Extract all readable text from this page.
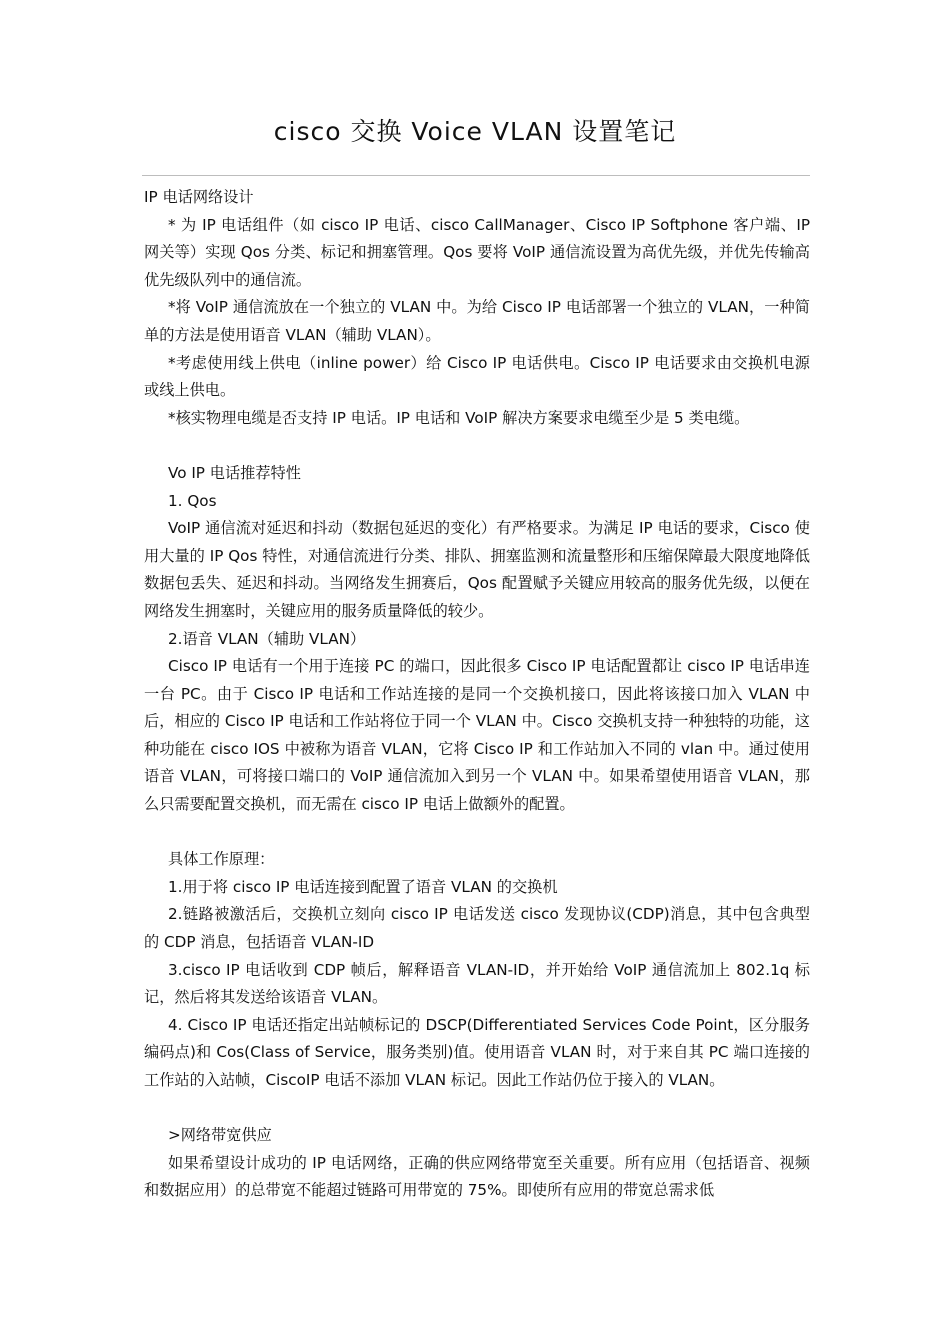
cisco 交换 Voice VLAN 设置笔记

IP 电话网络设计

* 为 IP 电话组件（如 cisco IP 电话、cisco CallManager、Cisco IP Softphone 客户端、IP 网关等）实现 Qos 分类、标记和拥塞管理。Qos 要将 VoIP 通信流设置为高优先级，并优先传输高优先级队列中的通信流。

*将 VoIP 通信流放在一个独立的 VLAN 中。为给 Cisco IP 电话部署一个独立的 VLAN，一种简单的方法是使用语音 VLAN（辅助 VLAN）。

*考虑使用线上供电（inline power）给 Cisco IP 电话供电。Cisco IP 电话要求由交换机电源或线上供电。

*核实物理电缆是否支持 IP 电话。IP 电话和 VoIP 解决方案要求电缆至少是 5 类电缆。

Vo IP 电话推荐特性

1. Qos

VoIP 通信流对延迟和抖动（数据包延迟的变化）有严格要求。为满足 IP 电话的要求，Cisco 使用大量的 IP Qos 特性，对通信流进行分类、排队、拥塞监测和流量整形和压缩保障最大限度地降低数据包丢失、延迟和抖动。当网络发生拥赛后，Qos 配置赋予关键应用较高的服务优先级，以便在网络发生拥塞时，关键应用的服务质量降低的较少。

2.语音 VLAN（辅助 VLAN）

Cisco IP 电话有一个用于连接 PC 的端口，因此很多 Cisco IP 电话配置都让 cisco IP 电话串连一台 PC。由于 Cisco IP 电话和工作站连接的是同一个交换机接口，因此将该接口加入 VLAN 中后，相应的 Cisco IP 电话和工作站将位于同一个 VLAN 中。Cisco 交换机支持一种独特的功能，这种功能在 cisco IOS 中被称为语音 VLAN，它将 Cisco IP 和工作站加入不同的 vlan 中。通过使用语音 VLAN，可将接口端口的 VoIP 通信流加入到另一个 VLAN 中。如果希望使用语音 VLAN，那么只需要配置交换机，而无需在 cisco IP 电话上做额外的配置。

具体工作原理：

1.用于将 cisco IP 电话连接到配置了语音 VLAN 的交换机

2.链路被激活后，交换机立刻向 cisco IP 电话发送 cisco 发现协议(CDP)消息，其中包含典型的 CDP 消息，包括语音 VLAN-ID

3.cisco IP 电话收到 CDP 帧后，解释语音 VLAN-ID，并开始给 VoIP 通信流加上 802.1q 标记，然后将其发送给该语音 VLAN。

4. Cisco IP 电话还指定出站帧标记的 DSCP(Differentiated Services Code Point，区分服务编码点)和 Cos(Class of Service，服务类别)值。使用语音 VLAN 时，对于来自其 PC 端口连接的工作站的入站帧，CiscoIP 电话不添加 VLAN 标记。因此工作站仍位于接入的 VLAN。

>网络带宽供应

如果希望设计成功的 IP 电话网络，正确的供应网络带宽至关重要。所有应用（包括语音、视频和数据应用）的总带宽不能超过链路可用带宽的 75%。即使所有应用的带宽总需求低
